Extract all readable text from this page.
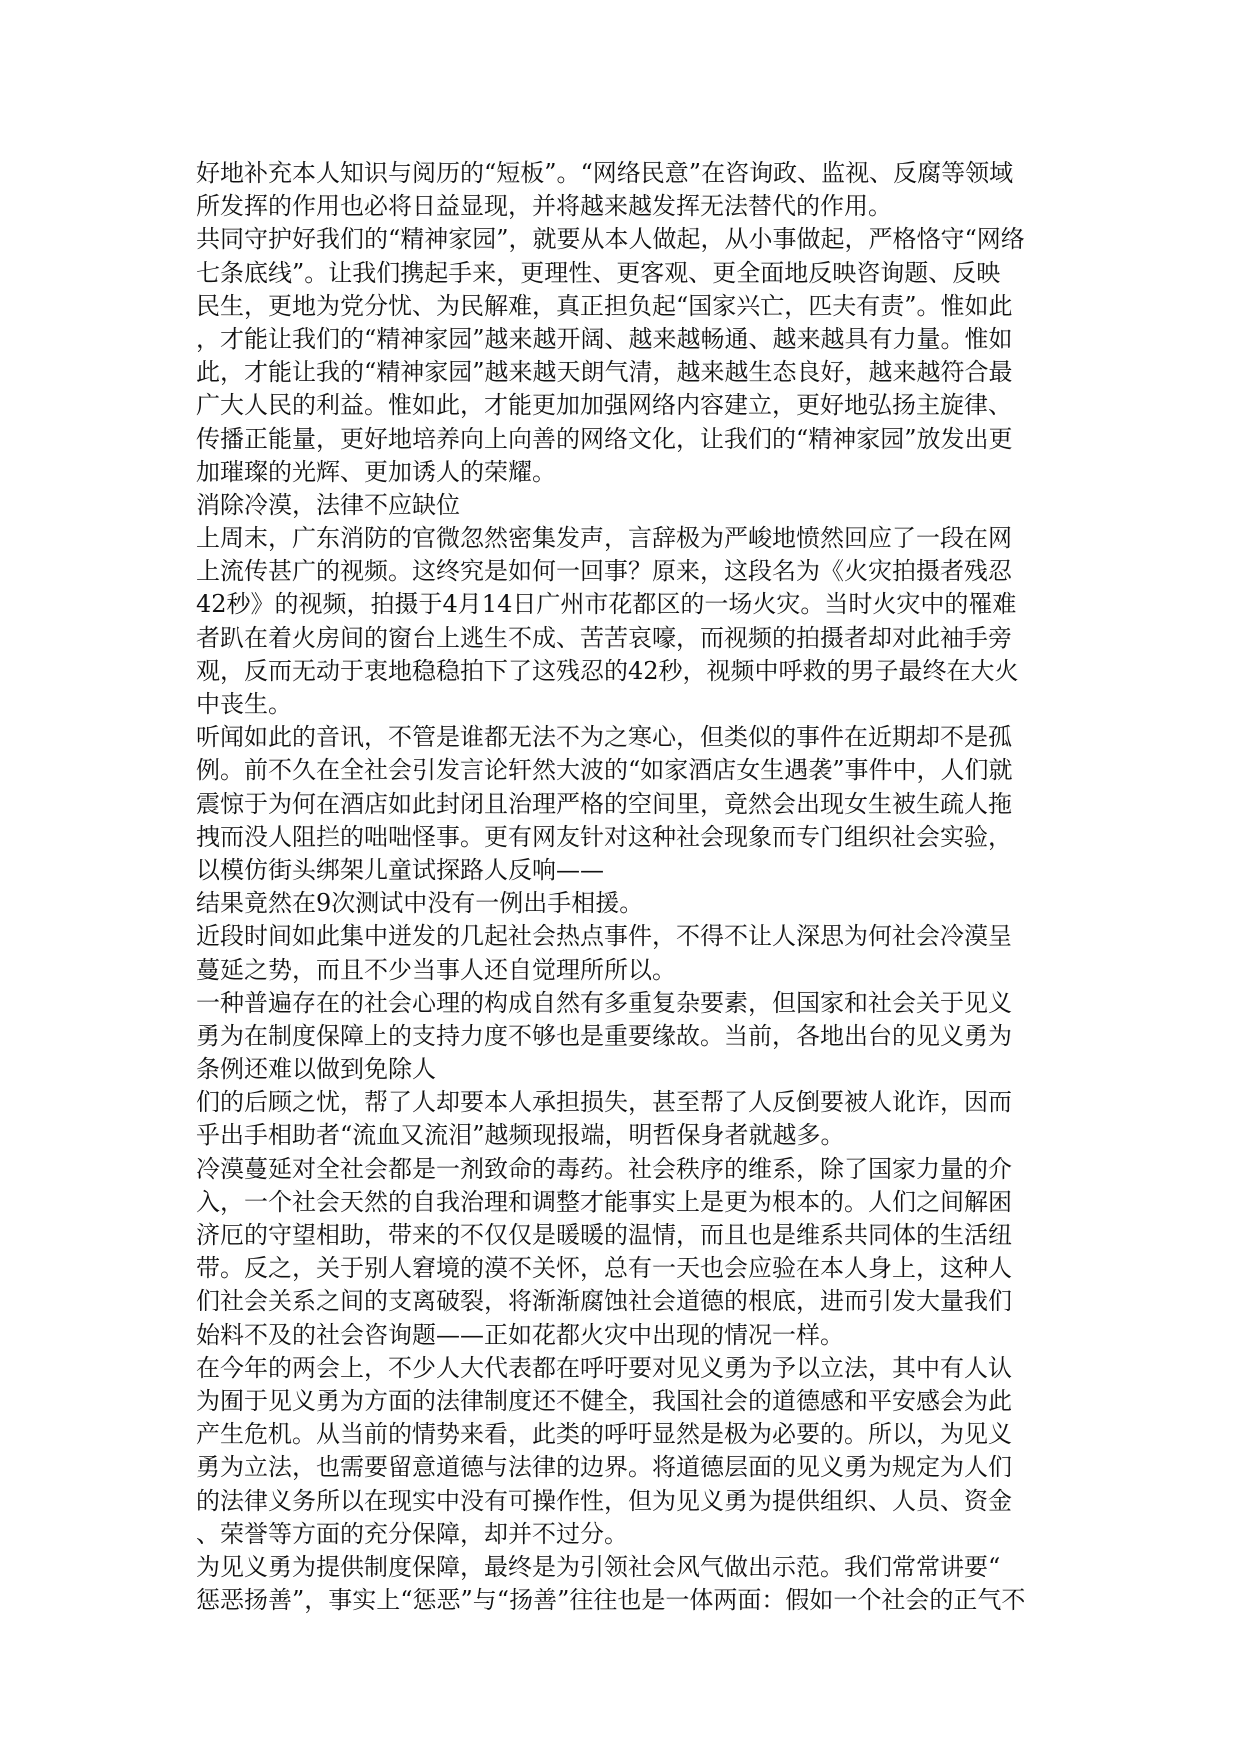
好地补充本人知识与阅历的“短板”。“网络民意”在咨询政、监视、反腐等领域
所发挥的作用也必将日益显现，并将越来越发挥无法替代的作用。
共同守护好我们的“精神家园”，就要从本人做起，从小事做起，严格恪守“网络
七条底线”。让我们携起手来，更理性、更客观、更全面地反映咨询题、反映
民生，更地为党分忧、为民解难，真正担负起“国家兴亡，匹夫有责”。惟如此
，才能让我们的“精神家园”越来越开阔、越来越畅通、越来越具有力量。惟如
此，才能让我的“精神家园”越来越天朗气清，越来越生态良好，越来越符合最
广大人民的利益。惟如此，才能更加加强网络内容建立，更好地弘扬主旋律、
传播正能量，更好地培养向上向善的网络文化，让我们的“精神家园”放发出更
加璀璨的光辉、更加诱人的荣耀。
消除冷漠，法律不应缺位
上周末，广东消防的官微忽然密集发声，言辞极为严峻地愤然回应了一段在网
上流传甚广的视频。这终究是如何一回事？原来，这段名为《火灾拍摄者残忍
42秒》的视频，拍摄于4月14日广州市花都区的一场火灾。当时火灾中的罹难
者趴在着火房间的窗台上逃生不成、苦苦哀嚎，而视频的拍摄者却对此袖手旁
观，反而无动于衷地稳稳拍下了这残忍的42秒，视频中呼救的男子最终在大火
中丧生。
听闻如此的音讯，不管是谁都无法不为之寒心，但类似的事件在近期却不是孤
例。前不久在全社会引发言论轩然大波的“如家酒店女生遇袭”事件中，人们就
震惊于为何在酒店如此封闭且治理严格的空间里，竟然会出现女生被生疏人拖
拽而没人阻拦的咄咄怪事。更有网友针对这种社会现象而专门组织社会实验，
以模仿街头绑架儿童试探路人反响——
结果竟然在9次测试中没有一例出手相援。
近段时间如此集中迸发的几起社会热点事件，不得不让人深思为何社会冷漠呈
蔓延之势，而且不少当事人还自觉理所所以。
一种普遍存在的社会心理的构成自然有多重复杂要素，但国家和社会关于见义
勇为在制度保障上的支持力度不够也是重要缘故。当前，各地出台的见义勇为
条例还难以做到免除人
们的后顾之忧，帮了人却要本人承担损失，甚至帮了人反倒要被人讹诈，因而
乎出手相助者“流血又流泪”越频现报端，明哲保身者就越多。
冷漠蔓延对全社会都是一剂致命的毒药。社会秩序的维系，除了国家力量的介
入，一个社会天然的自我治理和调整才能事实上是更为根本的。人们之间解困
济厄的守望相助，带来的不仅仅是暖暖的温情，而且也是维系共同体的生活纽
带。反之，关于别人窘境的漠不关怀，总有一天也会应验在本人身上，这种人
们社会关系之间的支离破裂，将渐渐腐蚀社会道德的根底，进而引发大量我们
始料不及的社会咨询题——正如花都火灾中出现的情况一样。
在今年的两会上，不少人大代表都在呼吁要对见义勇为予以立法，其中有人认
为囿于见义勇为方面的法律制度还不健全，我国社会的道德感和平安感会为此
产生危机。从当前的情势来看，此类的呼吁显然是极为必要的。所以，为见义
勇为立法，也需要留意道德与法律的边界。将道德层面的见义勇为规定为人们
的法律义务所以在现实中没有可操作性，但为见义勇为提供组织、人员、资金
、荣誉等方面的充分保障，却并不过分。
为见义勇为提供制度保障，最终是为引领社会风气做出示范。我们常常讲要“
惩恶扬善”，事实上“惩恶”与“扬善”往往也是一体两面：假如一个社会的正气不
